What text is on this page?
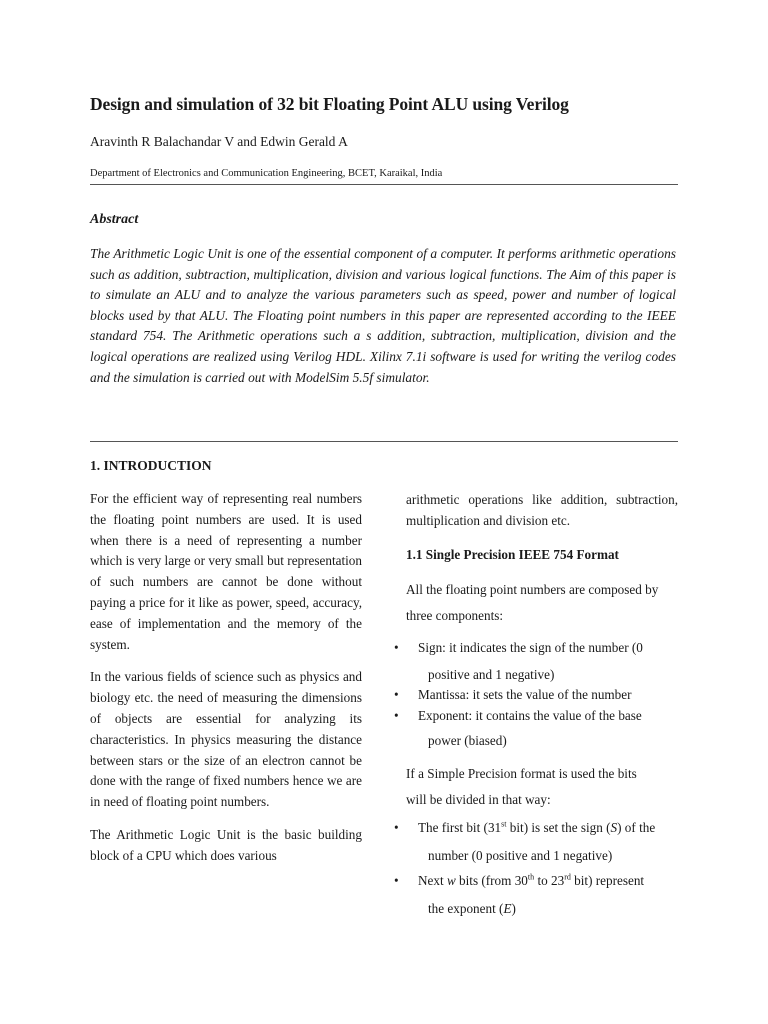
Design and simulation of 32 bit Floating Point ALU using Verilog
Aravinth R Balachandar V and Edwin Gerald A
Department of Electronics and Communication Engineering, BCET, Karaikal, India
Abstract
The Arithmetic Logic Unit is one of the essential component of a computer. It performs arithmetic operations such as addition, subtraction, multiplication, division and various logical functions. The Aim of this paper is to simulate an ALU and to analyze the various parameters such as speed, power and number of logical blocks used by that ALU. The Floating point numbers in this paper are represented according to the IEEE standard 754. The Arithmetic operations such a s addition, subtraction, multiplication, division and the logical operations are realized using Verilog HDL. Xilinx 7.1i software is used for writing the verilog codes and the simulation is carried out with ModelSim 5.5f simulator.
1. INTRODUCTION

For the efficient way of representing real numbers the floating point numbers are used. It is used when there is a need of representing a number which is very large or very small but representation of such numbers are cannot be done without paying a price for it like as power, speed, accuracy, ease of implementation and the memory of the system.

In the various fields of science such as physics and biology etc. the need of measuring the dimensions of objects are essential for analyzing its characteristics. In physics measuring the distance between stars or the size of an electron cannot be done with the range of fixed numbers hence we are in need of floating point numbers.

The Arithmetic Logic Unit is the basic building block of a CPU which does various

arithmetic operations like addition, subtraction, multiplication and division etc.

1.1 Single Precision IEEE 754 Format

All the floating point numbers are composed by three components:

• Sign: it indicates the sign of the number (0
positive and 1 negative)
• Mantissa: it sets the value of the number
• Exponent: it contains the value of the base
power (biased)
If a Simple Precision format is used the bits
will be divided in that way:
• The first bit (31st bit) is set the sign (S) of the
number (0 positive and 1 negative)
• Next w bits (from 30th to 23rd bit) represent
the exponent (E)
